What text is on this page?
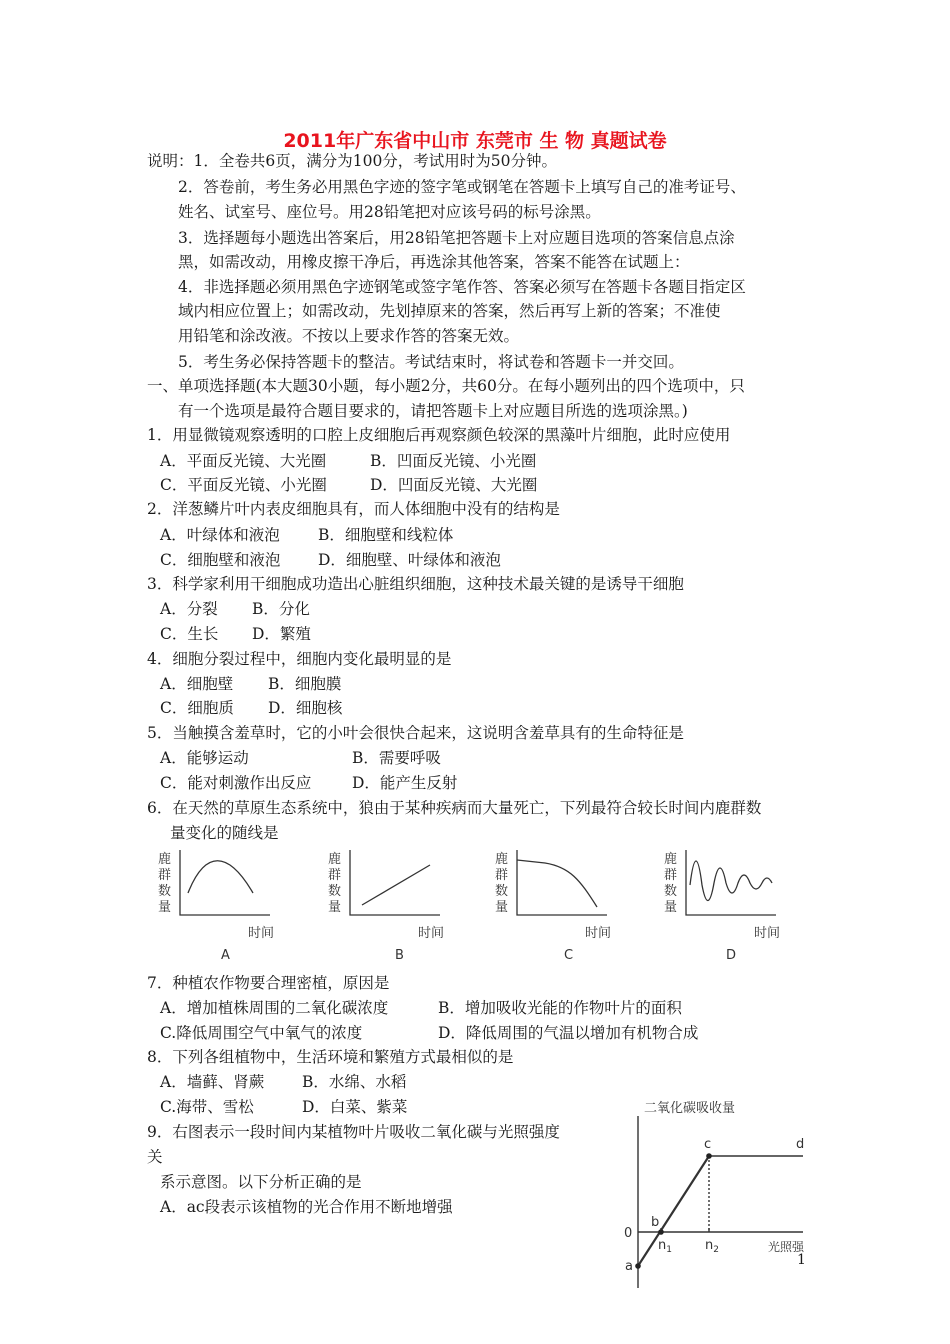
2011年广东省中山市 东莞市 生 物 真题试卷
说明：1．全卷共6页，满分为100分，考试用时为50分钟。
2．答卷前，考生务必用黑色字迹的签字笔或钢笔在答题卡上填写自己的准考证号、
姓名、试室号、座位号。用28铅笔把对应该号码的标号涂黑。
3．选择题每小题选出答案后，用28铅笔把答题卡上对应题目选项的答案信息点涂
黑，如需改动，用橡皮擦干净后，再选涂其他答案，答案不能答在试题上：
4．非选择题必须用黑色字迹钢笔或签字笔作答、答案必须写在答题卡各题目指定区
域内相应位置上；如需改动，先划掉原来的答案，然后再写上新的答案；不准使
用铅笔和涂改液。不按以上要求作答的答案无效。
5．考生务必保持答题卡的整洁。考试结束时，将试卷和答题卡一并交回。
一、单项选择题(本大题30小题，每小题2分，共60分。在每小题列出的四个选项中，只
有一个选项是最符合题目要求的，请把答题卡上对应题目所选的选项涂黑。)
1．用显微镜观察透明的口腔上皮细胞后再观察颜色较深的黑藻叶片细胞，此时应使用
A．平面反光镜、大光圈	B．凹面反光镜、小光圈
C．平面反光镜、小光圈	D．凹面反光镜、大光圈
2．洋葱鳞片叶内表皮细胞具有，而人体细胞中没有的结构是
A．叶绿体和液泡 B．细胞壁和线粒体
C．细胞壁和液泡 D．细胞壁、叶绿体和液泡
3．科学家利用干细胞成功造出心脏组织细胞，这种技术最关键的是诱导干细胞
A．分裂 B．分化
C．生长 D．繁殖
4．细胞分裂过程中，细胞内变化最明显的是
A．细胞壁 B．细胞膜
C．细胞质 D．细胞核
5．当触摸含羞草时，它的小叶会很快合起来，这说明含羞草具有的生命特征是
A．能够运动	B．需要呼吸
C．能对刺激作出反应	D．能产生反射
6．在天然的草原生态系统中，狼由于某种疾病而大量死亡，下列最符合较长时间内鹿群数
量变化的随线是
鹿
群
数
量
时间
A
鹿
群
数
量
时间
B
鹿
群
数
量
时间
C
鹿
群
数
量
时间
D
7．种植农作物要合理密植，原因是
A．增加植株周围的二氧化碳浓度	B．增加吸收光能的作物叶片的面积
C.降低周围空气中氧气的浓度	D．降低周围的气温以增加有机物合成
8．下列各组植物中，生活环境和繁殖方式最相似的是
A．墙藓、肾蕨 B．水绵、水稻
C.海带、雪松	D．白菜、紫菜
9．右图表示一段时间内某植物叶片吸收二氧化碳与光照强度
关
系示意图。以下分析正确的是
A．ac段表示该植物的光合作用不断地增强
二氧化碳吸收量
光照强
0
a
b
c	d
$n_1$	$n_2$
1
